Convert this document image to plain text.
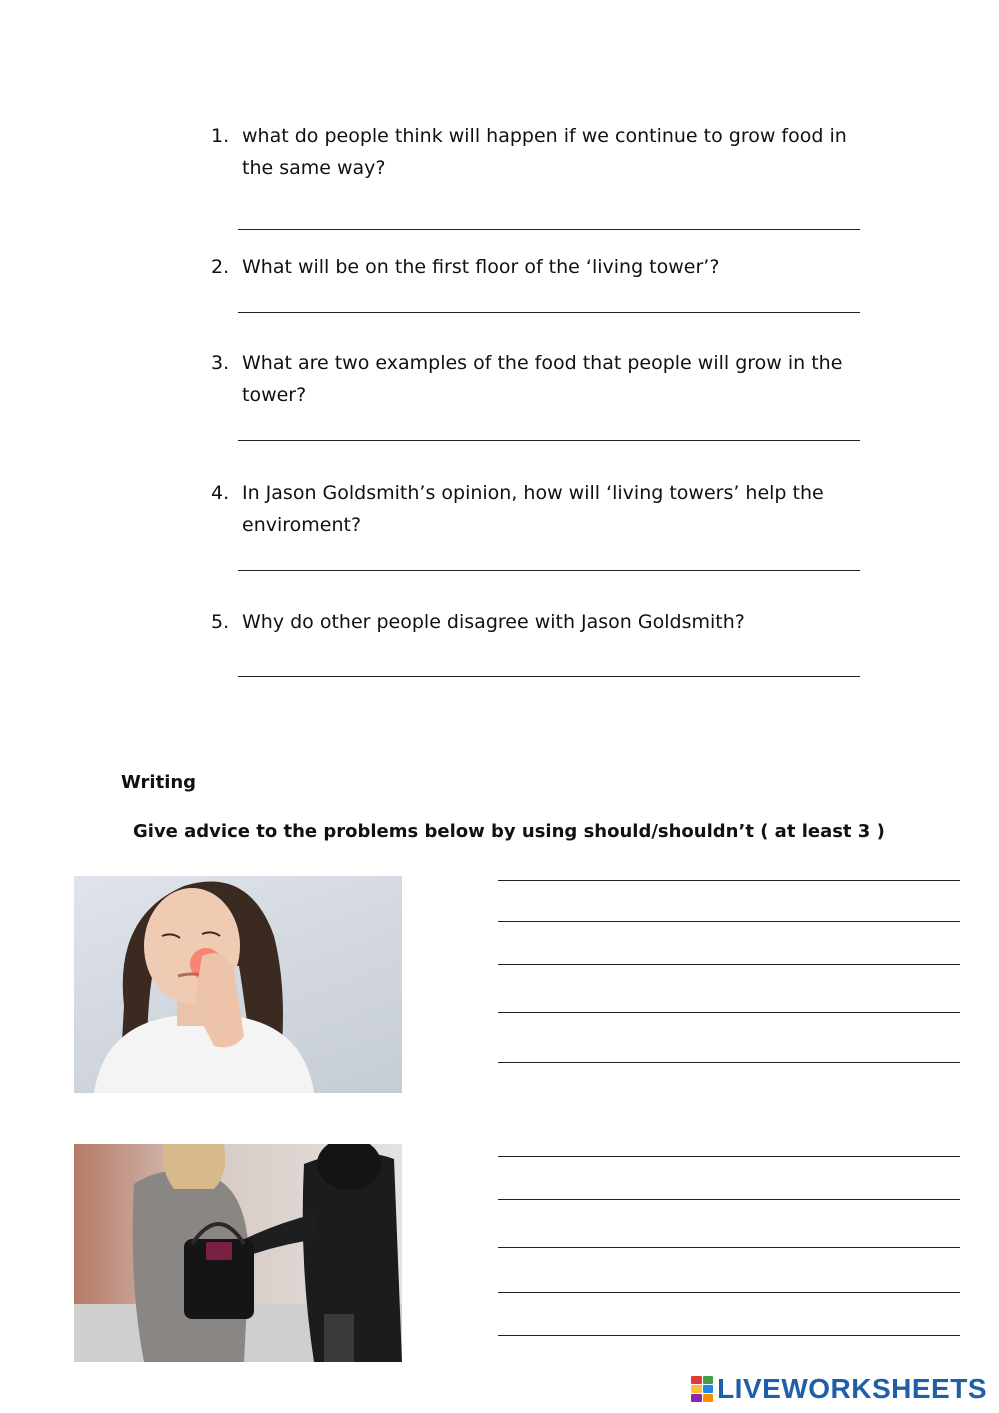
1. what do people think will happen if we continue to grow food in the same way?
2. What will be on the first floor of the ‘living tower’?
3. What are two examples of the food that people will grow in the tower?
4. In Jason Goldsmith’s opinion, how will ‘living towers’ help the enviroment?
5. Why do other people disagree with Jason Goldsmith?
Writing
Give advice to the problems below by using should/shouldn’t ( at least 3 )
LIVEWORKSHEETS
